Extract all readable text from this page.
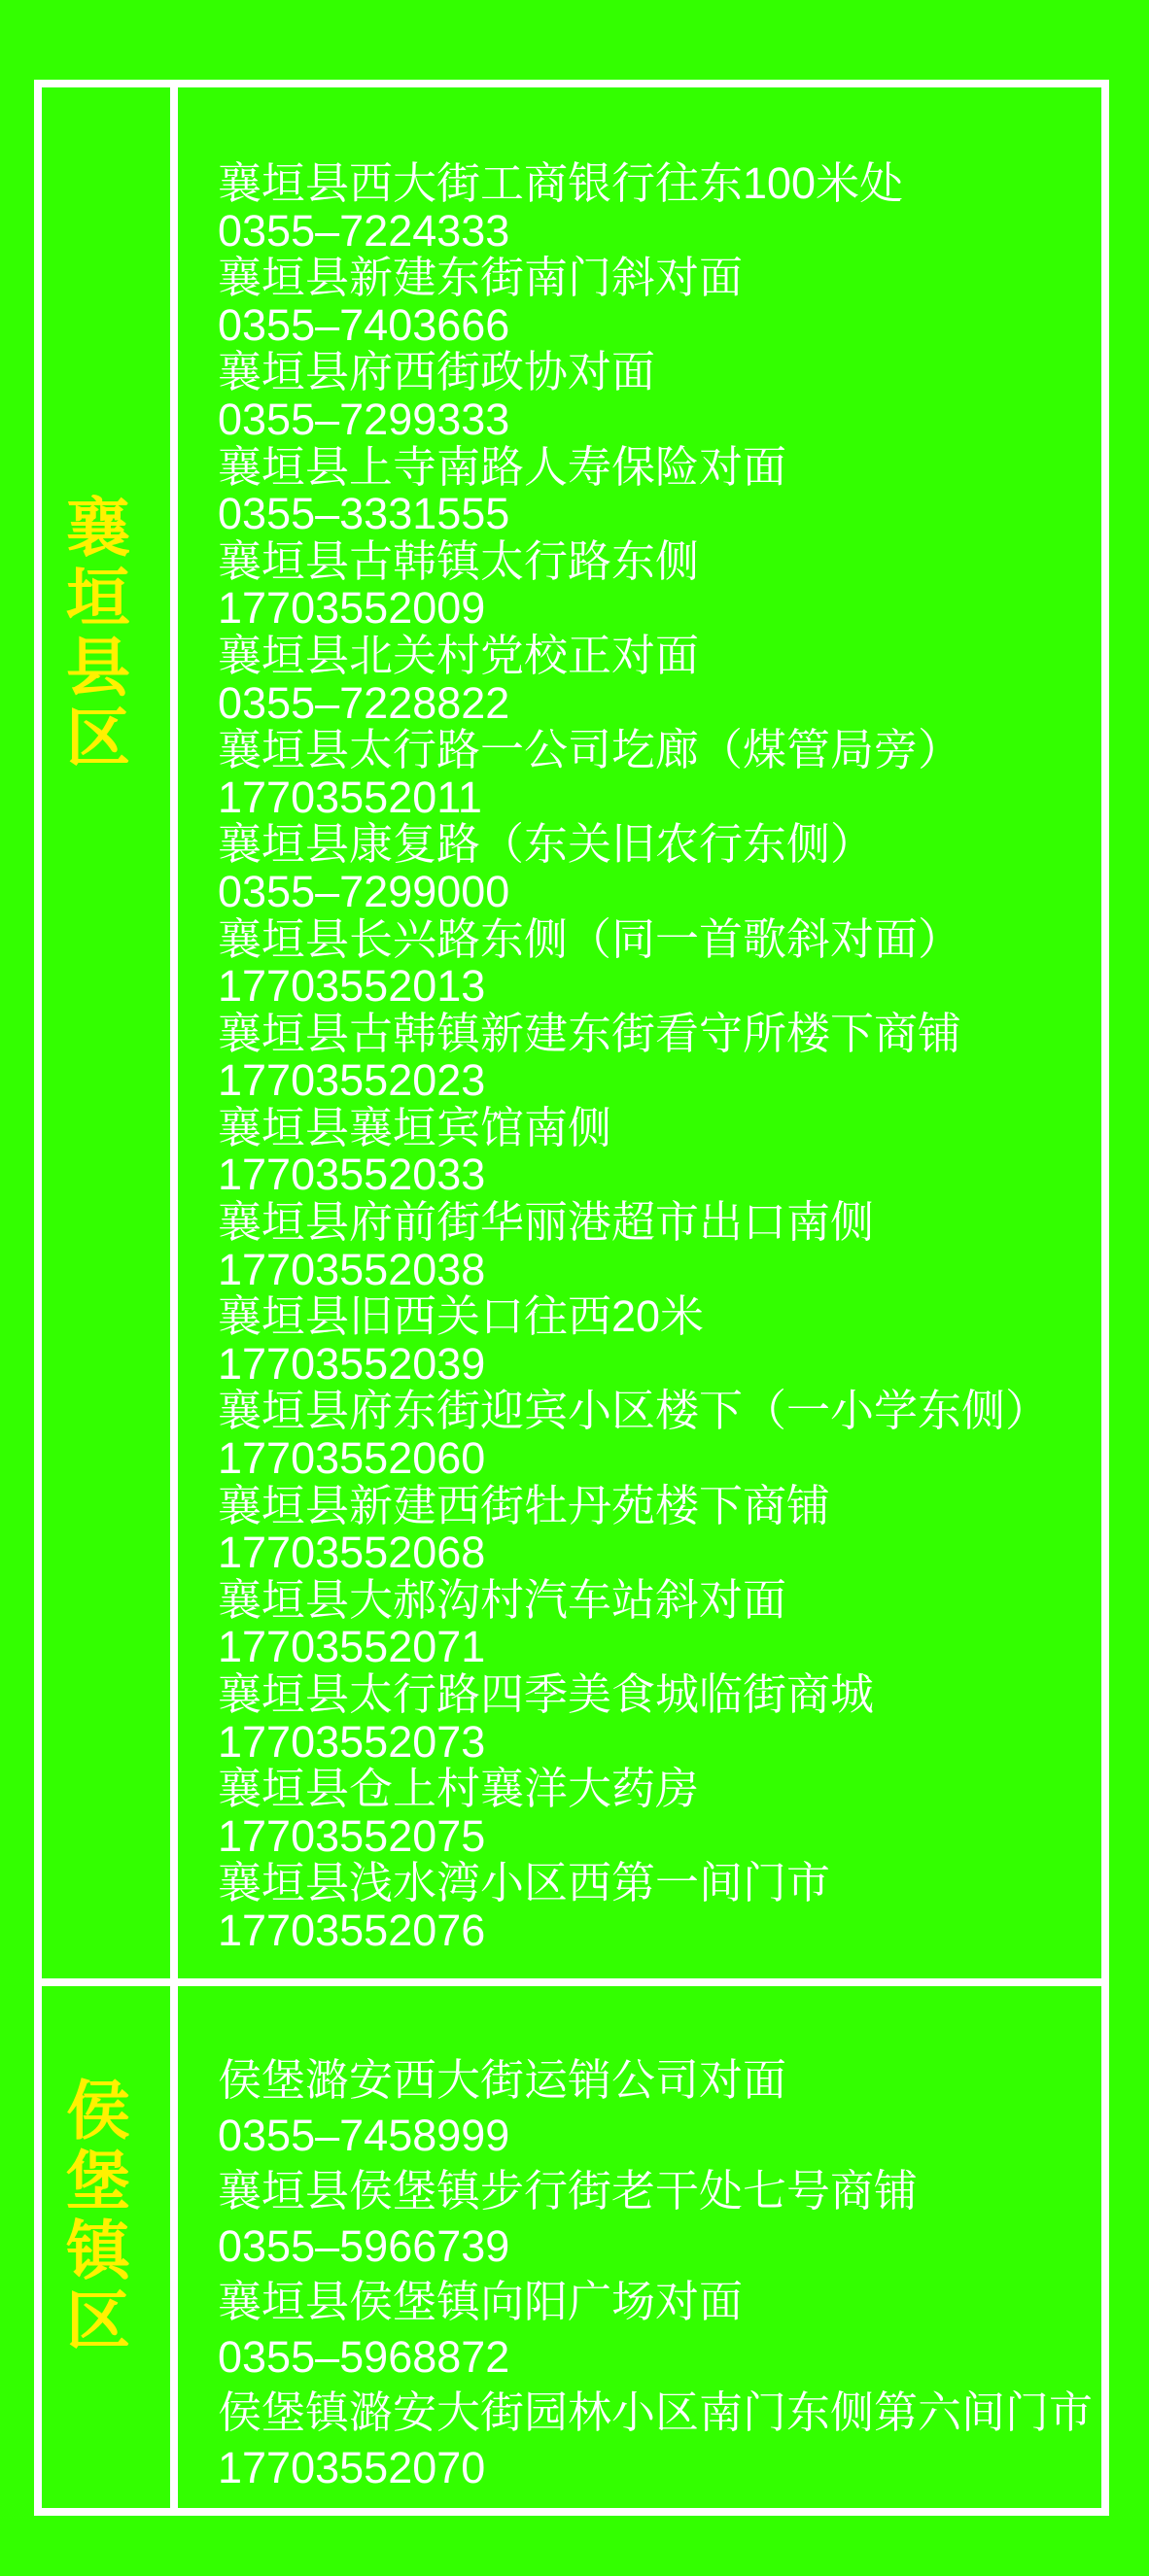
襄
垣
县
区
襄垣县西大街工商银行往东100米处
0355–7224333
襄垣县新建东街南门斜对面
0355–7403666
襄垣县府西街政协对面
0355–7299333
襄垣县上寺南路人寿保险对面
0355–3331555
襄垣县古韩镇太行路东侧
17703552009
襄垣县北关村党校正对面
0355–7228822
襄垣县太行路一公司圪廊（煤管局旁）
17703552011
襄垣县康复路（东关旧农行东侧）
0355–7299000
襄垣县长兴路东侧（同一首歌斜对面）
17703552013
襄垣县古韩镇新建东街看守所楼下商铺
17703552023
襄垣县襄垣宾馆南侧
17703552033
襄垣县府前街华丽港超市出口南侧
17703552038
襄垣县旧西关口往西20米
17703552039
襄垣县府东街迎宾小区楼下（一小学东侧）
17703552060
襄垣县新建西街牡丹苑楼下商铺
17703552068
襄垣县大郝沟村汽车站斜对面
17703552071
襄垣县太行路四季美食城临街商城
17703552073
襄垣县仓上村襄洋大药房
17703552075
襄垣县浅水湾小区西第一间门市
17703552076
侯
堡
镇
区
侯堡潞安西大街运销公司对面
0355–7458999
襄垣县侯堡镇步行街老干处七号商铺
0355–5966739
襄垣县侯堡镇向阳广场对面
0355–5968872
侯堡镇潞安大街园林小区南门东侧第六间门市
17703552070
